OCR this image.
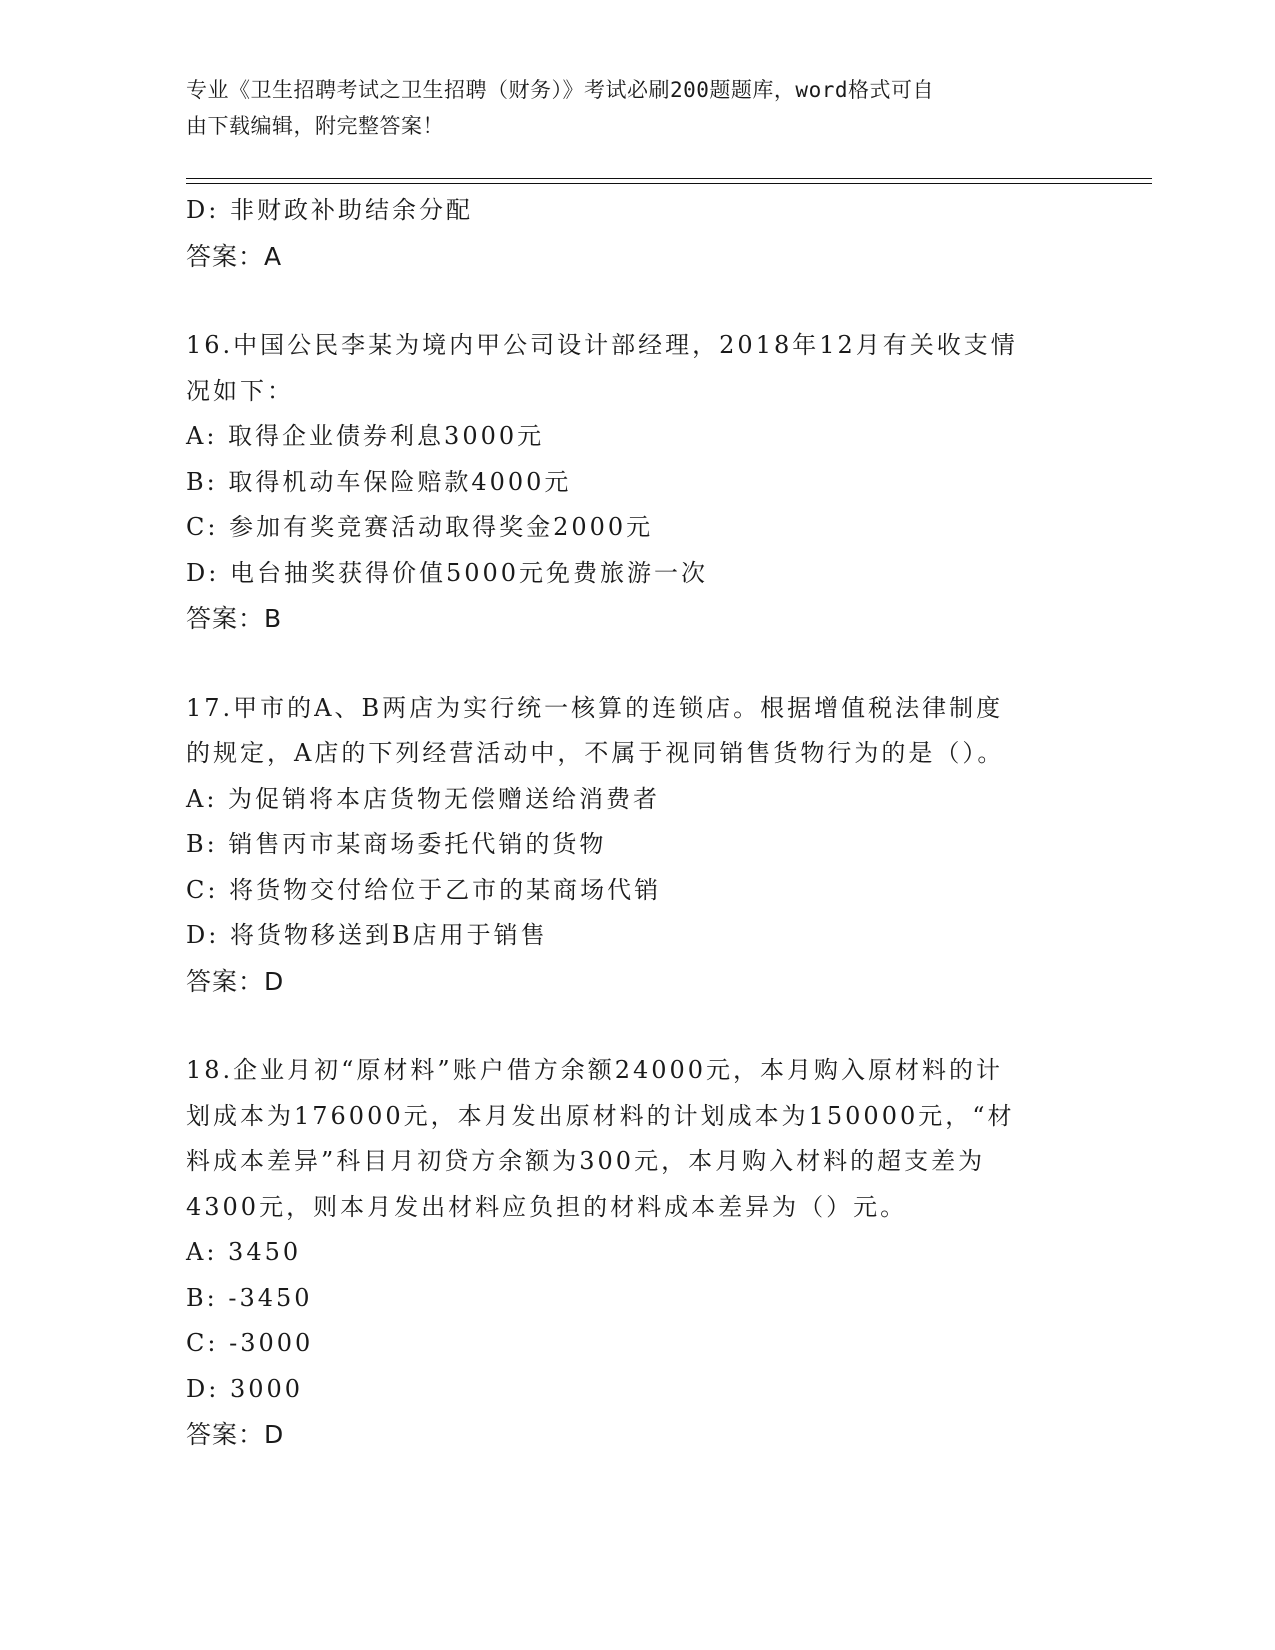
专业《卫生招聘考试之卫生招聘（财务）》考试必刷200题题库，word格式可自
由下载编辑，附完整答案！
D: 非财政补助结余分配
答案：A
16.中国公民李某为境内甲公司设计部经理，2018年12月有关收支情
况如下：
A: 取得企业债券利息3000元
B: 取得机动车保险赔款4000元
C: 参加有奖竞赛活动取得奖金2000元
D: 电台抽奖获得价值5000元免费旅游一次
答案：B
17.甲市的A、B两店为实行统一核算的连锁店。根据增值税法律制度
的规定，A店的下列经营活动中，不属于视同销售货物行为的是（）。
A: 为促销将本店货物无偿赠送给消费者
B: 销售丙市某商场委托代销的货物
C: 将货物交付给位于乙市的某商场代销
D: 将货物移送到B店用于销售
答案：D
18.企业月初“原材料”账户借方余额24000元，本月购入原材料的计
划成本为176000元，本月发出原材料的计划成本为150000元，“材
料成本差异”科目月初贷方余额为300元，本月购入材料的超支差为
4300元，则本月发出材料应负担的材料成本差异为（）元。
A: 3450
B: -3450
C: -3000
D: 3000
答案：D
